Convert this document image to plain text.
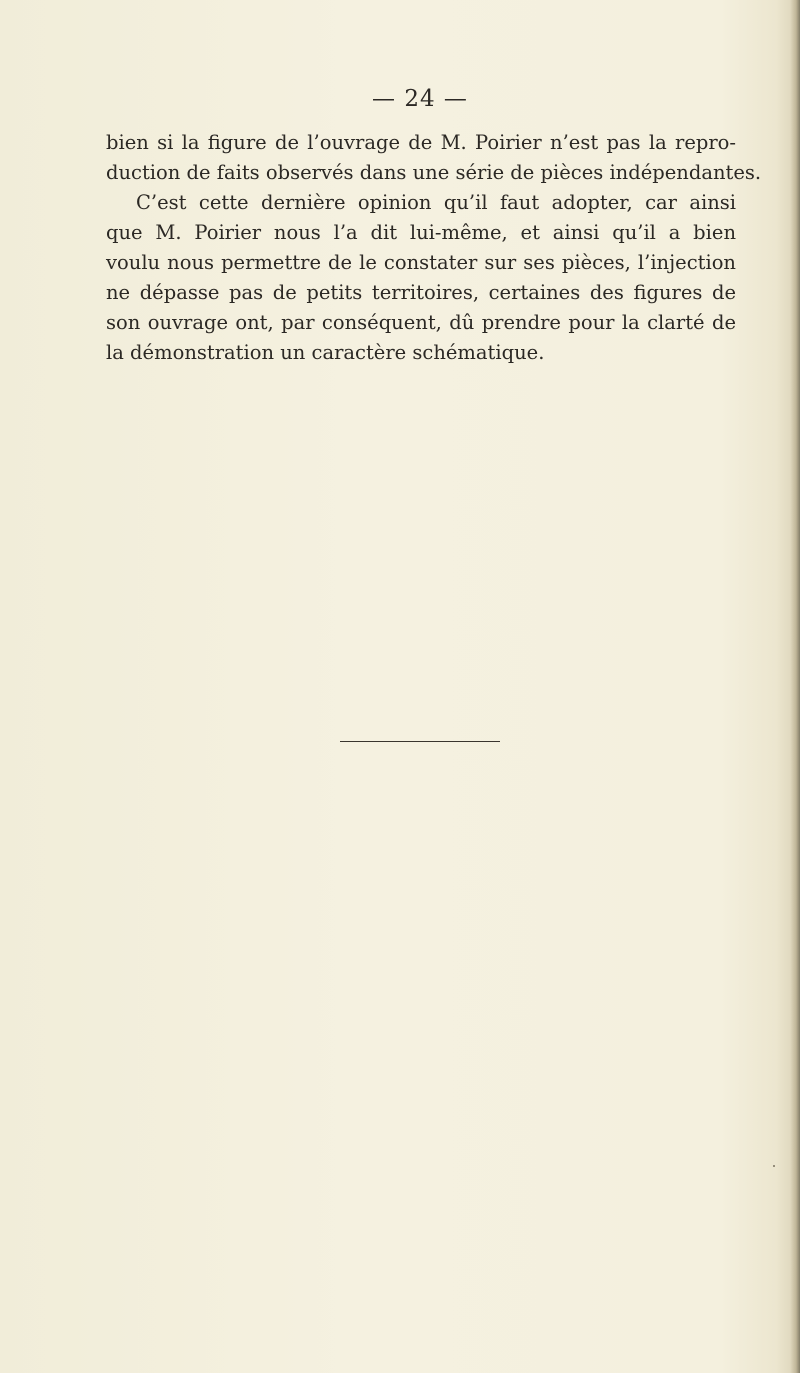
— 24 —
bien si la figure de l’ouvrage de M. Poirier n’est pas la repro-
duction de faits observés dans une série de pièces indépendantes.
C’est cette dernière opinion qu’il faut adopter, car ainsi
que M. Poirier nous l’a dit lui-même, et ainsi qu’il a bien
voulu nous permettre de le constater sur ses pièces, l’injection
ne dépasse pas de petits territoires, certaines des figures de
son ouvrage ont, par conséquent, dû prendre pour la clarté de
la démonstration un caractère schématique.
